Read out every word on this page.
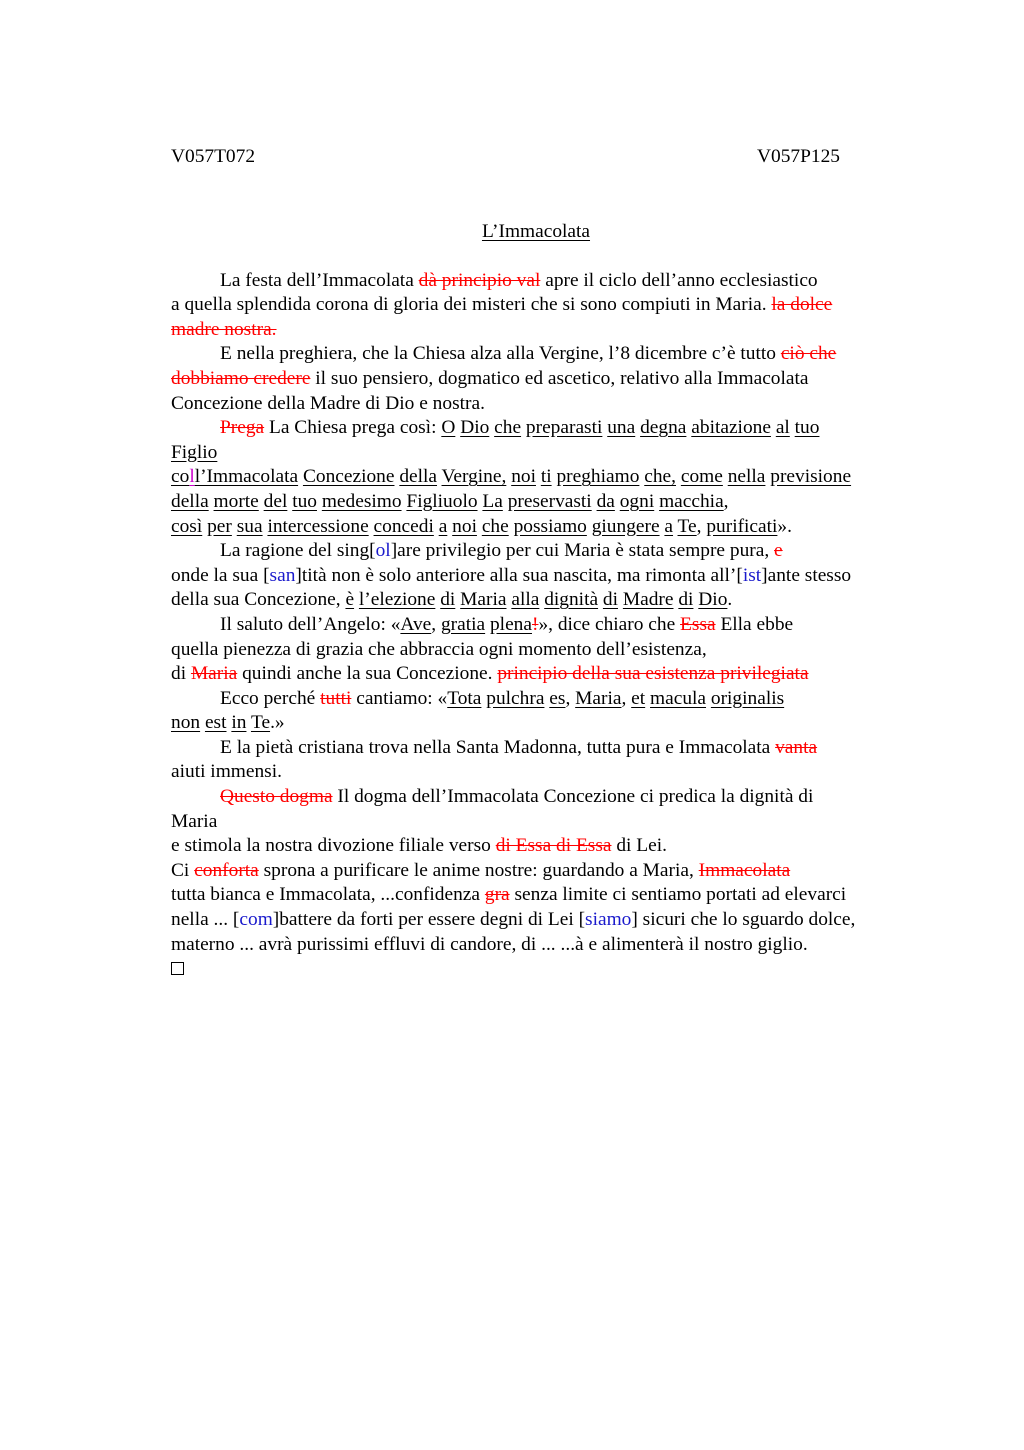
V057T072	V057P125
L’Immacolata
La festa dell’Immacolata dà principio val apre il ciclo dell’anno ecclesiastico
a quella splendida corona di gloria dei misteri che si sono compiuti in Maria. la dolce
madre nostra.
E nella preghiera, che la Chiesa alza alla Vergine, l’8 dicembre c’è tutto ciò che
dobbiamo credere il suo pensiero, dogmatico ed ascetico, relativo alla Immacolata
Concezione della Madre di Dio e nostra.
Prega La Chiesa prega così: O Dio che preparasti una degna abitazione al tuo
Figlio
coll’Immacolata Concezione della Vergine, noi ti preghiamo che, come nella previsione
della morte del tuo medesimo Figliuolo La preservasti da ogni macchia,
così per sua intercessione concedi a noi che possiamo giungere a Te, purificati».
La ragione del sing[ol]are privilegio per cui Maria è stata sempre pura, e
onde la sua [san]tità non è solo anteriore alla sua nascita, ma rimonta all’[ist]ante stesso
della sua Concezione, è l’elezione di Maria alla dignità di Madre di Dio.
Il saluto dell’Angelo: «Ave, gratia plena!», dice chiaro che Essa Ella ebbe
quella pienezza di grazia che abbraccia ogni momento dell’esistenza,
di Maria quindi anche la sua Concezione. principio della sua esistenza privilegiata
Ecco perché tutti cantiamo: «Tota pulchra es, Maria, et macula originalis
non est in Te.»
E la pietà cristiana trova nella Santa Madonna, tutta pura e Immacolata vanta
aiuti immensi.
Questo dogma Il dogma dell’Immacolata Concezione ci predica la dignità di
Maria
e stimola la nostra divozione filiale verso di Essa di Essa di Lei.
Ci conforta sprona a purificare le anime nostre: guardando a Maria, Immacolata
tutta bianca e Immacolata, ...confidenza gra senza limite ci sentiamo portati ad elevarci
nella ... [com]battere da forti per essere degni di Lei [siamo] sicuri che lo sguardo dolce,
materno ... avrà purissimi effluvi di candore, di ... ...à e alimenterà il nostro giglio.
